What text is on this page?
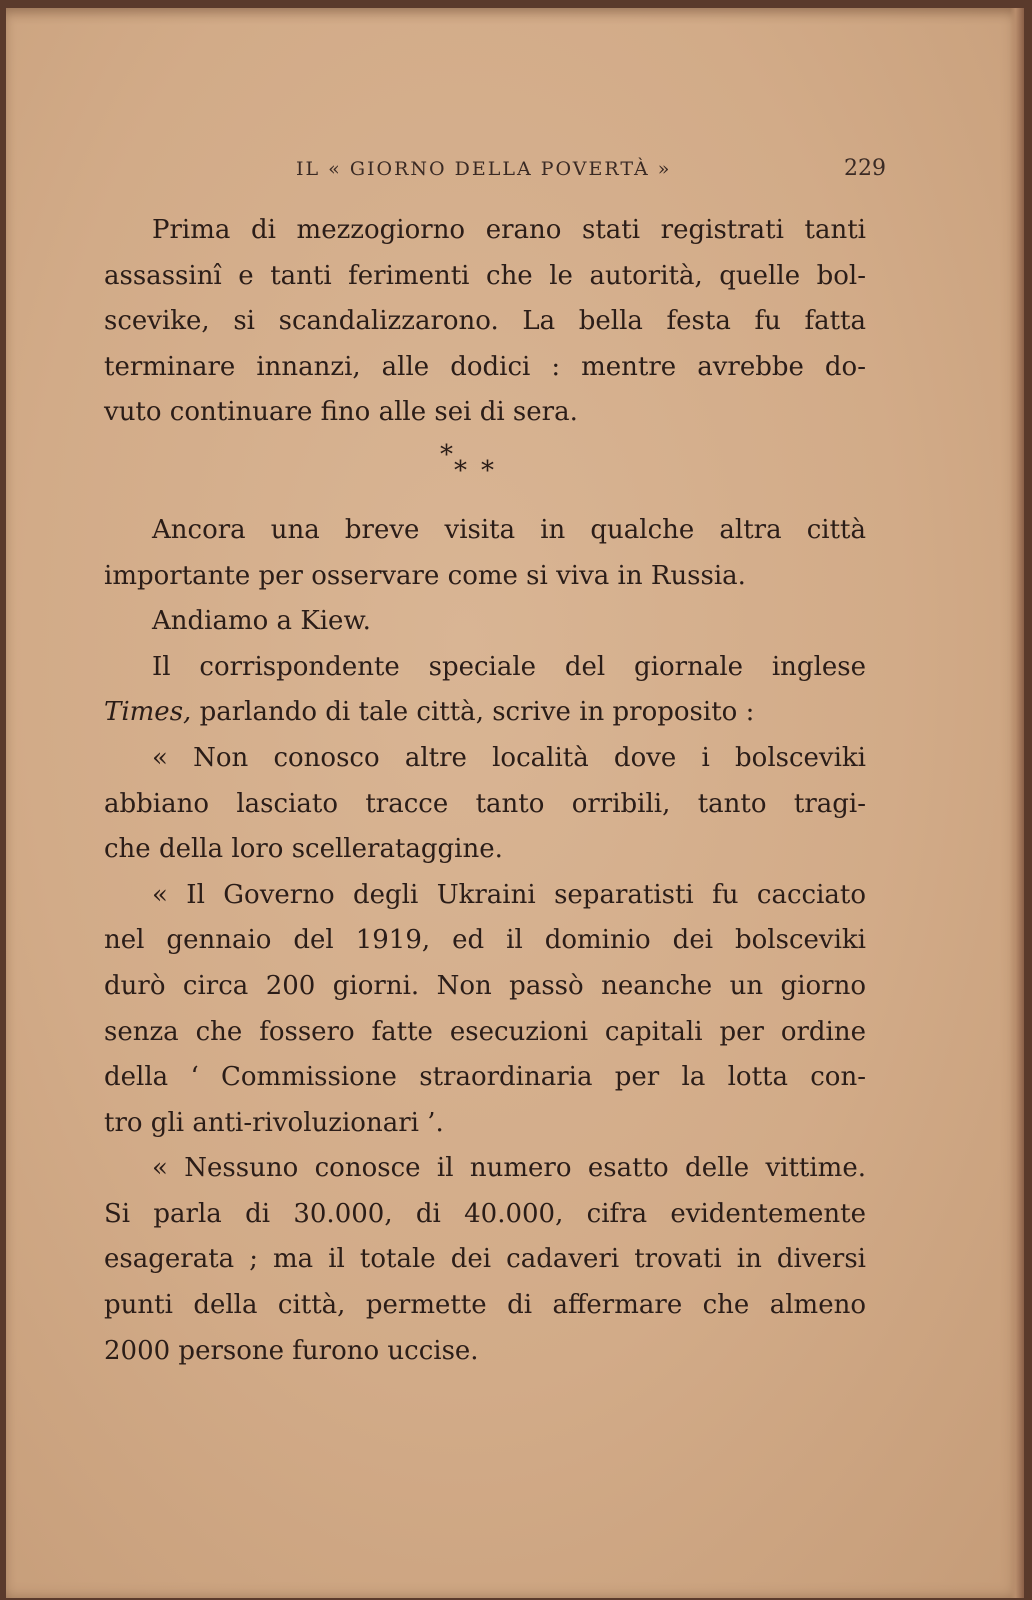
IL « GIORNO DELLA POVERTÀ »	229
Prima di mezzogiorno erano stati registrati tanti
assassinî e tanti ferimenti che le autorità, quelle bol-
scevike, si scandalizzarono. La bella festa fu fatta
terminare innanzi, alle dodici : mentre avrebbe do-
vuto continuare fino alle sei di sera.
*
**
Ancora una breve visita in qualche altra città
importante per osservare come si viva in Russia.
Andiamo a Kiew.
Il corrispondente speciale del giornale inglese
Times, parlando di tale città, scrive in proposito :
« Non conosco altre località dove i bolsceviki
abbiano lasciato tracce tanto orribili, tanto tragi-
che della loro scellerataggine.
« Il Governo degli Ukraini separatisti fu cacciato
nel gennaio del 1919, ed il dominio dei bolsceviki
durò circa 200 giorni. Non passò neanche un giorno
senza che fossero fatte esecuzioni capitali per ordine
della ‘ Commissione straordinaria per la lotta con-
tro gli anti-rivoluzionari ’.
« Nessuno conosce il numero esatto delle vittime.
Si parla di 30.000, di 40.000, cifra evidentemente
esagerata ; ma il totale dei cadaveri trovati in diversi
punti della città, permette di affermare che almeno
2000 persone furono uccise.
